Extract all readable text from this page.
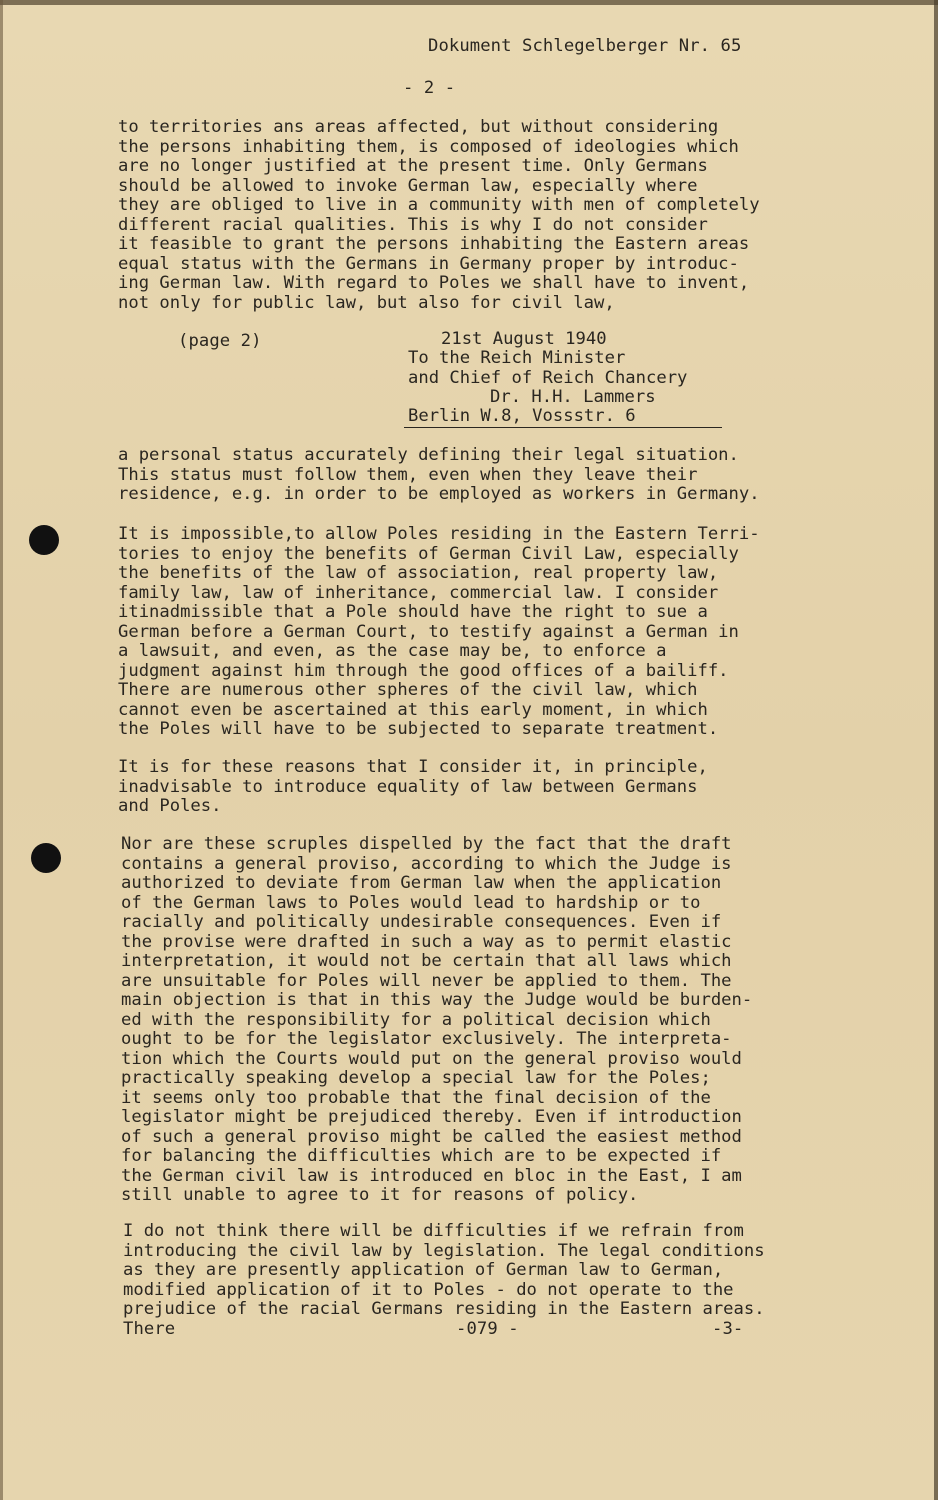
Dokument Schlegelberger Nr. 65
- 2 -
to territories ans areas affected, but without considering
the persons inhabiting them, is composed of ideologies which
are no longer justified at the present time. Only Germans
should be allowed to invoke German law, especially where
they are obliged to live in a community with men of completely
different racial qualities. This is why I do not consider
it feasible to grant the persons inhabiting the Eastern areas
equal status with the Germans in Germany proper by introduc-
ing German law. With regard to Poles we shall have to invent,
not only for public law, but also for civil law,
(page 2)	21st August 1940
To the Reich Minister
and Chief of Reich Chancery
Dr. H.H. Lammers
Berlin W.8, Vossstr. 6
a personal status accurately defining their legal situation.
This status must follow them, even when they leave their
residence, e.g. in order to be employed as workers in Germany.
It is impossible,to allow Poles residing in the Eastern Terri-
tories to enjoy the benefits of German Civil Law, especially
the benefits of the law of association, real property law,
family law, law of inheritance, commercial law. I consider
itinadmissible that a Pole should have the right to sue a
German before a German Court, to testify against a German in
a lawsuit, and even, as the case may be, to enforce a
judgment against him through the good offices of a bailiff.
There are numerous other spheres of the civil law, which
cannot even be ascertained at this early moment, in which
the Poles will have to be subjected to separate treatment.
It is for these reasons that I consider it, in principle,
inadvisable to introduce equality of law between Germans
and Poles.
Nor are these scruples dispelled by the fact that the draft
contains a general proviso, according to which the Judge is
authorized to deviate from German law when the application
of the German laws to Poles would lead to hardship or to
racially and politically undesirable consequences. Even if
the provise were drafted in such a way as to permit elastic
interpretation, it would not be certain that all laws which
are unsuitable for Poles will never be applied to them. The
main objection is that in this way the Judge would be burden-
ed with the responsibility for a political decision which
ought to be for the legislator exclusively. The interpreta-
tion which the Courts would put on the general proviso would
practically speaking develop a special law for the Poles;
it seems only too probable that the final decision of the
legislator might be prejudiced thereby. Even if introduction
of such a general proviso might be called the easiest method
for balancing the difficulties which are to be expected if
the German civil law is introduced en bloc in the East, I am
still unable to agree to it for reasons of policy.
I do not think there will be difficulties if we refrain from
introducing the civil law by legislation. The legal conditions
as they are presently application of German law to German,
modified application of it to Poles - do not operate to the
prejudice of the racial Germans residing in the Eastern areas.
There	-079 -	-3-
